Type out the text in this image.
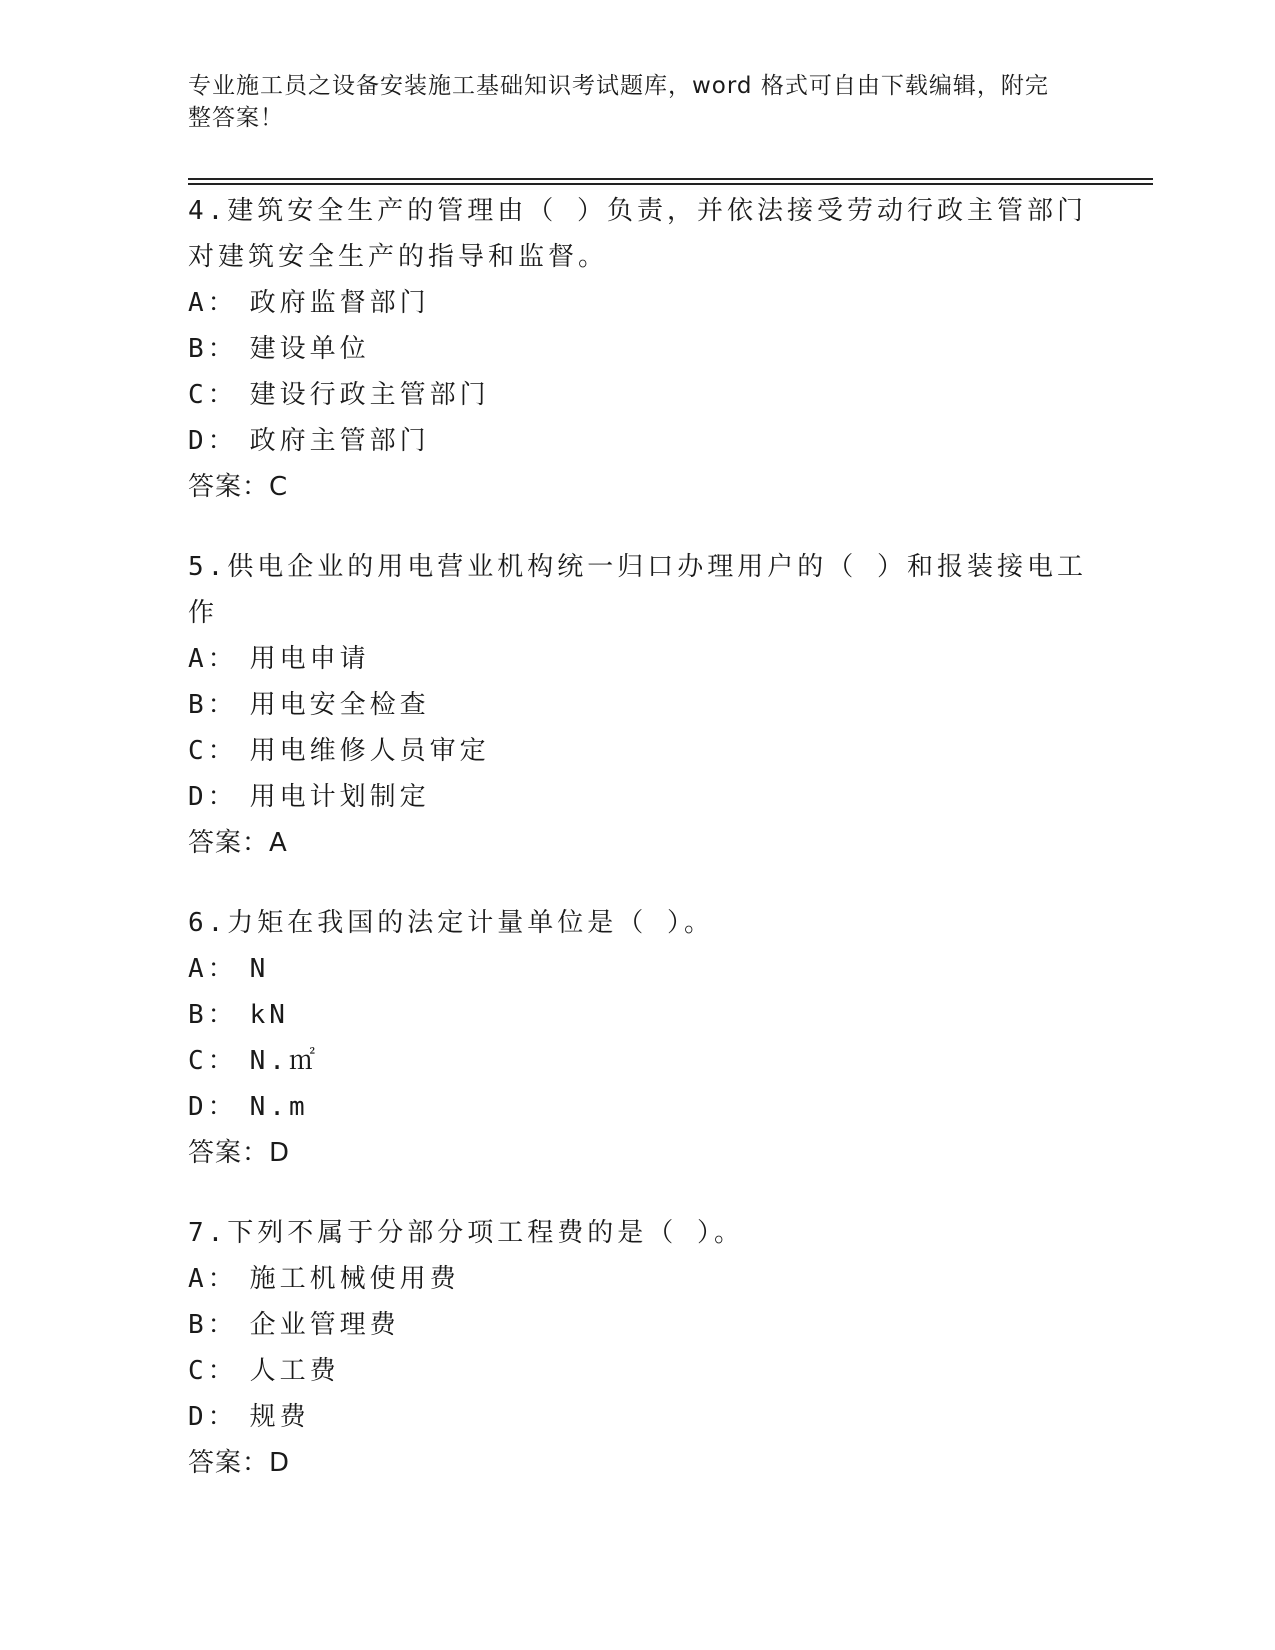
专业施工员之设备安装施工基础知识考试题库，word 格式可自由下载编辑，附完
整答案！

4.建筑安全生产的管理由（ ）负责，并依法接受劳动行政主管部门对建筑安全生产的指导和监督。

A： 政府监督部门

B： 建设单位

C： 建设行政主管部门

D： 政府主管部门

答案：C

5.供电企业的用电营业机构统一归口办理用户的（ ）和报装接电工作

A： 用电申请

B： 用电安全检查

C： 用电维修人员审定

D： 用电计划制定

答案：A

6.力矩在我国的法定计量单位是（ ）。

A： N

B： kN

C： N.㎡

D： N.m

答案：D

7.下列不属于分部分项工程费的是（ ）。

A： 施工机械使用费

B： 企业管理费

C： 人工费

D： 规费

答案：D
